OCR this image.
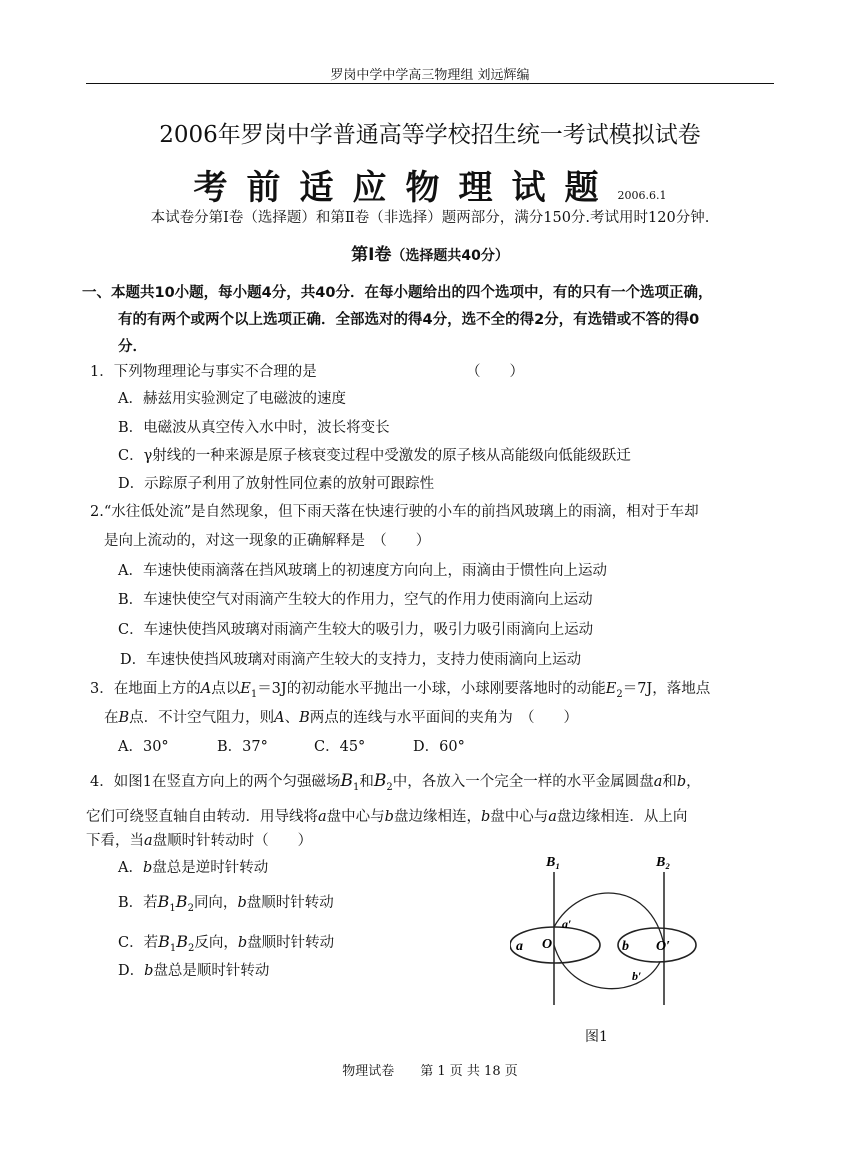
罗岗中学中学高三物理组 刘远辉编
2006年罗岗中学普通高等学校招生统一考试模拟试卷
考前适应物理试题2006.6.1
本试卷分第Ⅰ卷（选择题）和第Ⅱ卷（非选择）题两部分，满分150分.考试用时120分钟.
第Ⅰ卷（选择题共40分）
一、本题共10小题，每小题4分，共40分．在每小题给出的四个选项中，有的只有一个选项正确，
有的有两个或两个以上选项正确．全部选对的得4分，选不全的得2分，有选错或不答的得0
分．
1．下列物理理论与事实不合理的是	（　　）
A．赫兹用实验测定了电磁波的速度
B．电磁波从真空传入水中时，波长将变长
C．γ射线的一种来源是原子核衰变过程中受激发的原子核从高能级向低能级跃迁
D．示踪原子利用了放射性同位素的放射可跟踪性
2.“水往低处流”是自然现象，但下雨天落在快速行驶的小车的前挡风玻璃上的雨滴，相对于车却
是向上流动的，对这一现象的正确解释是　（　　）
A．车速快使雨滴落在挡风玻璃上的初速度方向向上，雨滴由于惯性向上运动
B．车速快使空气对雨滴产生较大的作用力，空气的作用力使雨滴向上运动
C．车速快使挡风玻璃对雨滴产生较大的吸引力，吸引力吸引雨滴向上运动
D．车速快使挡风玻璃对雨滴产生较大的支持力，支持力使雨滴向上运动
3．在地面上方的A点以$E_1=3J$的初动能水平抛出一小球，小球刚要落地时的动能$E_2=7J$，落地点
在B点．不计空气阻力，则A、B两点的连线与水平面间的夹角为　（　　）
A．30°	B．37°	C．45°	D．60°
4．如图1在竖直方向上的两个匀强磁场$B_1$和$B_2$中，各放入一个完全一样的水平金属圆盘a和b，
它们可绕竖直轴自由转动．用导线将a盘中心与b盘边缘相连，b盘中心与a盘边缘相连．从上向
下看，当a盘顺时针转动时（　　）
A．b盘总是逆时针转动
B．若$B_1B_2$同向，b盘顺时针转动
C．若$B_1B_2$反向，b盘顺时针转动
D．b盘总是顺时针转动
B₁	B₂
a O
a′
b O′
b′
图1
物理试卷　　第 1 页 共 18 页
